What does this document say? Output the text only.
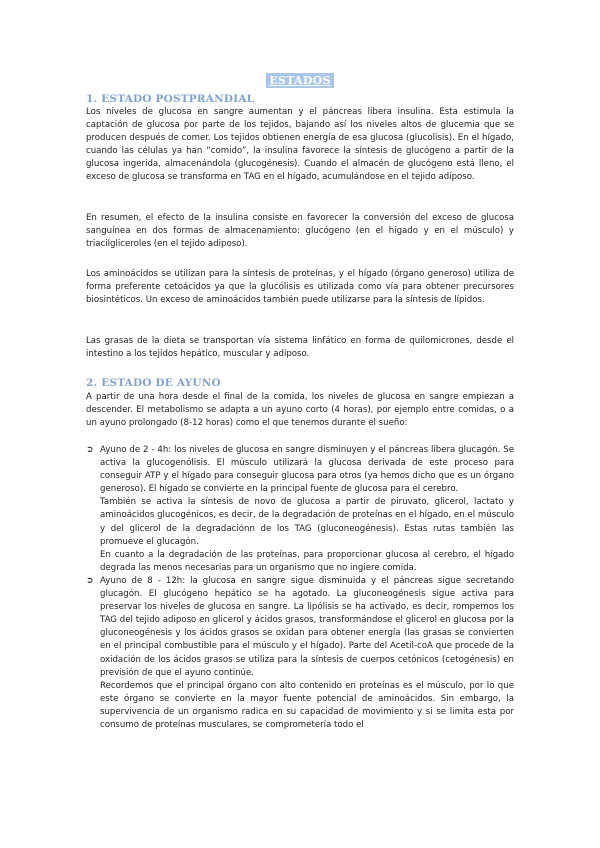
ESTADOS
1. ESTADO POSTPRANDIAL

Los niveles de glucosa en sangre aumentan y el páncreas libera insulina. Esta estimula la captación de glucosa por parte de los tejidos, bajando así los niveles altos de glucemia que se producen después de comer. Los tejidos obtienen energía de esa glucosa (glucolisis). En el hígado, cuando las células ya han “comido”, la insulina favorece la síntesis de glucógeno a partir de la glucosa ingerida, almacenándola (glucogénesis). Cuando el almacén de glucógeno está lleno, el exceso de glucosa se transforma en TAG en el hígado, acumulándose en el tejido adiposo.

En resumen, el efecto de la insulina consiste en favorecer la conversión del exceso de glucosa sanguínea en dos formas de almacenamiento: glucógeno (en el hígado y en el músculo) y triacilgliceroles (en el tejido adiposo).

Los aminoácidos se utilizan para la síntesis de proteínas, y el hígado (órgano generoso) utiliza de forma preferente cetoácidos ya que la glucólisis es utilizada como vía para obtener precursores biosintéticos. Un exceso de aminoácidos también puede utilizarse para la síntesis de lípidos.

Las grasas de la dieta se transportan vía sistema linfático en forma de quilomicrones, desde el intestino a los tejidos hepático, muscular y adiposo.

2. ESTADO DE AYUNO

A partir de una hora desde el final de la comida, los niveles de glucosa en sangre empiezan a descender. El metabolismo se adapta a un ayuno corto (4 horas), por ejemplo entre comidas, o a un ayuno prolongado (8-12 horas) como el que tenemos durante el sueño:

➲ Ayuno de 2 - 4h: los niveles de glucosa en sangre disminuyen y el páncreas libera glucagón. Se activa la glucogenólisis. El músculo utilizará la glucosa derivada de este proceso para conseguir ATP y el hígado para conseguir glucosa para otros (ya hemos dicho que es un órgano generoso). El hígado se convierte en la principal fuente de glucosa para el cerebro.

También se activa la síntesis de novo de glucosa a partir de piruvato, glicerol, lactato y aminoácidos glucogénicos, es decir, de la degradación de proteínas en el hígado, en el músculo y del glicerol de la degradaciónn de los TAG (gluconeogénesis). Estas rutas también las promueve el glucagón.

En cuanto a la degradación de las proteínas, para proporcionar glucosa al cerebro, el hígado degrada las menos necesarias para un organismo que no ingiere comida.

➲ Ayuno de 8 - 12h: la glucosa en sangre sigue disminuida y el páncreas sigue secretando glucagón. El glucógeno hepático se ha agotado. La gluconeogénesis sigue activa para preservar los niveles de glucosa en sangre. La lipólisis se ha activado, es decir, rompemos los TAG del tejido adiposo en glicerol y ácidos grasos, transformándose el glicerol en glucosa por la gluconeogénesis y los ácidos grasos se oxidan para obtener energía (las grasas se convierten en el principal combustible para el músculo y el hígado). Parte del Acetil-coA que procede de la oxidación de los ácidos grasos se utiliza para la síntesis de cuerpos cetónicos (cetogénesis) en previsión de que el ayuno continúe.

Recordemos que el principal órgano con alto contenido en proteínas es el músculo, por lo que este órgano se convierte en la mayor fuente potencial de aminoácidos. Sin embargo, la supervivencia de un organismo radica en su capacidad de movimiento y si se limita esta por consumo de proteínas musculares, se comprometería todo el
